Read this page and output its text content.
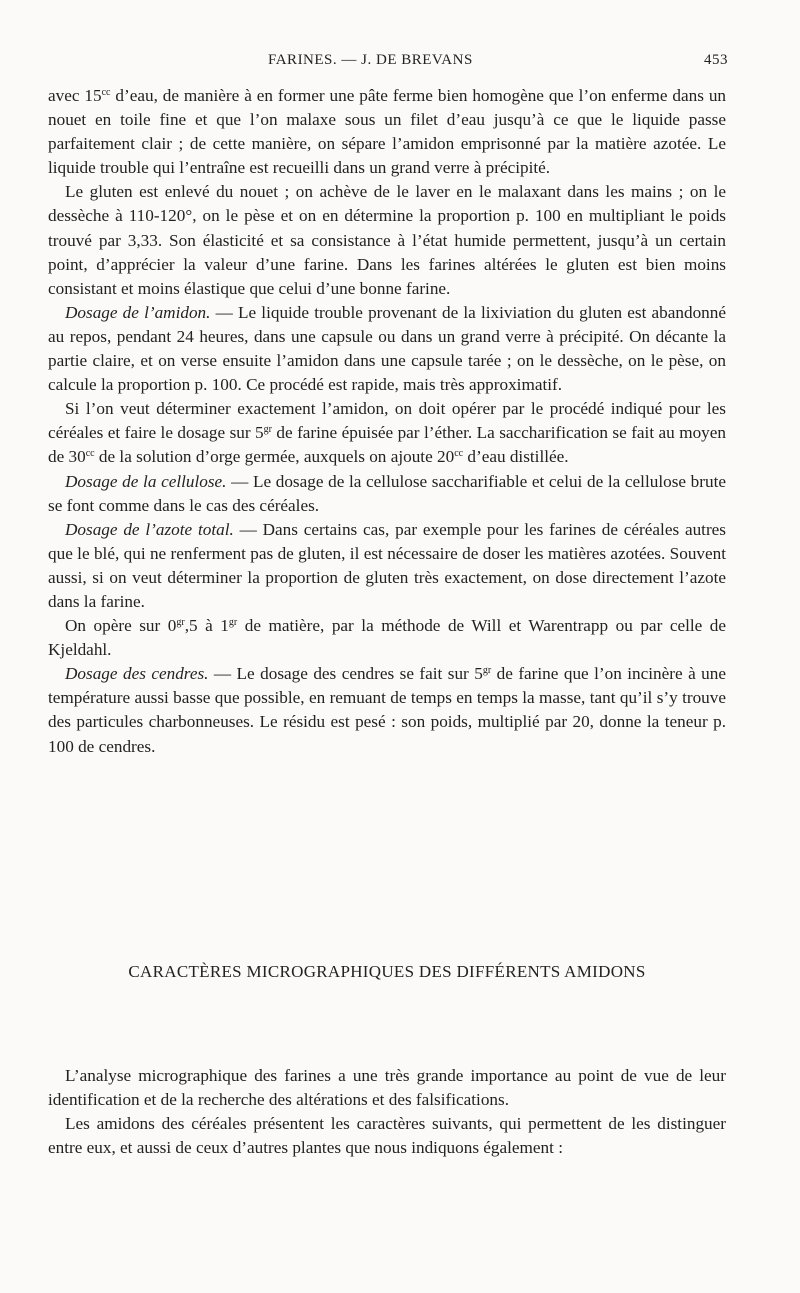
FARINES. — J. DE BREVANS	453

avec $15^{cc}$ d’eau, de manière à en former une pâte ferme bien homogène que l’on enferme dans un nouet en toile fine et que l’on malaxe sous un filet d’eau jusqu’à ce que le liquide passe parfaitement clair ; de cette manière, on sépare l’amidon emprisonné par la matière azotée. Le liquide trouble qui l’entraîne est recueilli dans un grand verre à précipité.

Le gluten est enlevé du nouet ; on achève de le laver en le malaxant dans les mains ; on le dessèche à 110-120°, on le pèse et on en détermine la proportion p. 100 en multipliant le poids trouvé par 3,33. Son élasticité et sa consistance à l’état humide permettent, jusqu’à un certain point, d’apprécier la valeur d’une farine. Dans les farines altérées le gluten est bien moins consistant et moins élastique que celui d’une bonne farine.

Dosage de l’amidon. — Le liquide trouble provenant de la lixiviation du gluten est abandonné au repos, pendant 24 heures, dans une capsule ou dans un grand verre à précipité. On décante la partie claire, et on verse ensuite l’amidon dans une capsule tarée ; on le dessèche, on le pèse, on calcule la proportion p. 100. Ce procédé est rapide, mais très approximatif.

Si l’on veut déterminer exactement l’amidon, on doit opérer par le procédé indiqué pour les céréales et faire le dosage sur $5^{gr}$ de farine épuisée par l’éther. La saccharification se fait au moyen de $30^{cc}$ de la solution d’orge germée, auxquels on ajoute $20^{cc}$ d’eau distillée.

Dosage de la cellulose. — Le dosage de la cellulose saccharifiable et celui de la cellulose brute se font comme dans le cas des céréales.

Dosage de l’azote total. — Dans certains cas, par exemple pour les farines de céréales autres que le blé, qui ne renferment pas de gluten, il est nécessaire de doser les matières azotées. Souvent aussi, si on veut déterminer la proportion de gluten très exactement, on dose directement l’azote dans la farine.

On opère sur $0^{gr},5$ à $1^{gr}$ de matière, par la méthode de Will et Warentrapp ou par celle de Kjeldahl.

Dosage des cendres. — Le dosage des cendres se fait sur $5^{gr}$ de farine que l’on incinère à une température aussi basse que possible, en remuant de temps en temps la masse, tant qu’il s’y trouve des particules charbonneuses. Le résidu est pesé : son poids, multiplié par 20, donne la teneur p. 100 de cendres.

CARACTÈRES MICROGRAPHIQUES DES DIFFÉRENTS AMIDONS

L’analyse micrographique des farines a une très grande importance au point de vue de leur identification et de la recherche des altérations et des falsifications.

Les amidons des céréales présentent les caractères suivants, qui permettent de les distinguer entre eux, et aussi de ceux d’autres plantes que nous indiquons également :
